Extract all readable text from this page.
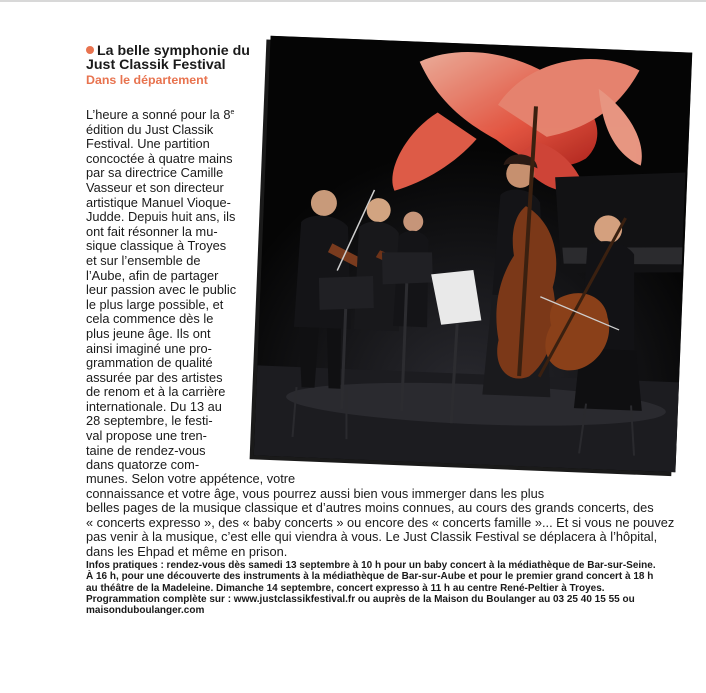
La belle symphonie du Just Classik Festival
Dans le département
L’heure a sonné pour la 8e
édition du Just Classik
Festival. Une partition
concoctée à quatre mains
par sa directrice Camille
Vasseur et son directeur
artistique Manuel Vioque-
Judde. Depuis huit ans, ils
ont fait résonner la mu-
sique classique à Troyes
et sur l’ensemble de
l’Aube, afin de partager
leur passion avec le public
le plus large possible, et
cela commence dès le
plus jeune âge. Ils ont
ainsi imaginé une pro-
grammation de qualité
assurée par des artistes
de renom et à la carrière
internationale. Du 13 au
28 septembre, le festi-
val propose une tren-
taine de rendez-vous
dans quatorze com-
munes. Selon votre appétence, votre
connaissance et votre âge, vous pourrez aussi bien vous immerger dans les plus
belles pages de la musique classique et d’autres moins connues, au cours des grands concerts, des
« concerts expresso », des « baby concerts » ou encore des « concerts famille »... Et si vous ne pouvez
pas venir à la musique, c’est elle qui viendra à vous. Le Just Classik Festival se déplacera à l’hôpital,
dans les Ehpad et même en prison.
Infos pratiques : rendez-vous dès samedi 13 septembre à 10 h pour un baby concert à la médiathèque de Bar-sur-Seine.
À 16 h, pour une découverte des instruments à la médiathèque de Bar-sur-Aube et pour le premier grand concert à 18 h
au théâtre de la Madeleine. Dimanche 14 septembre, concert expresso à 11 h au centre René-Peltier à Troyes.
Programmation complète sur : www.justclassikfestival.fr ou auprès de la Maison du Boulanger au 03 25 40 15 55 ou
maisonduboulanger.com
